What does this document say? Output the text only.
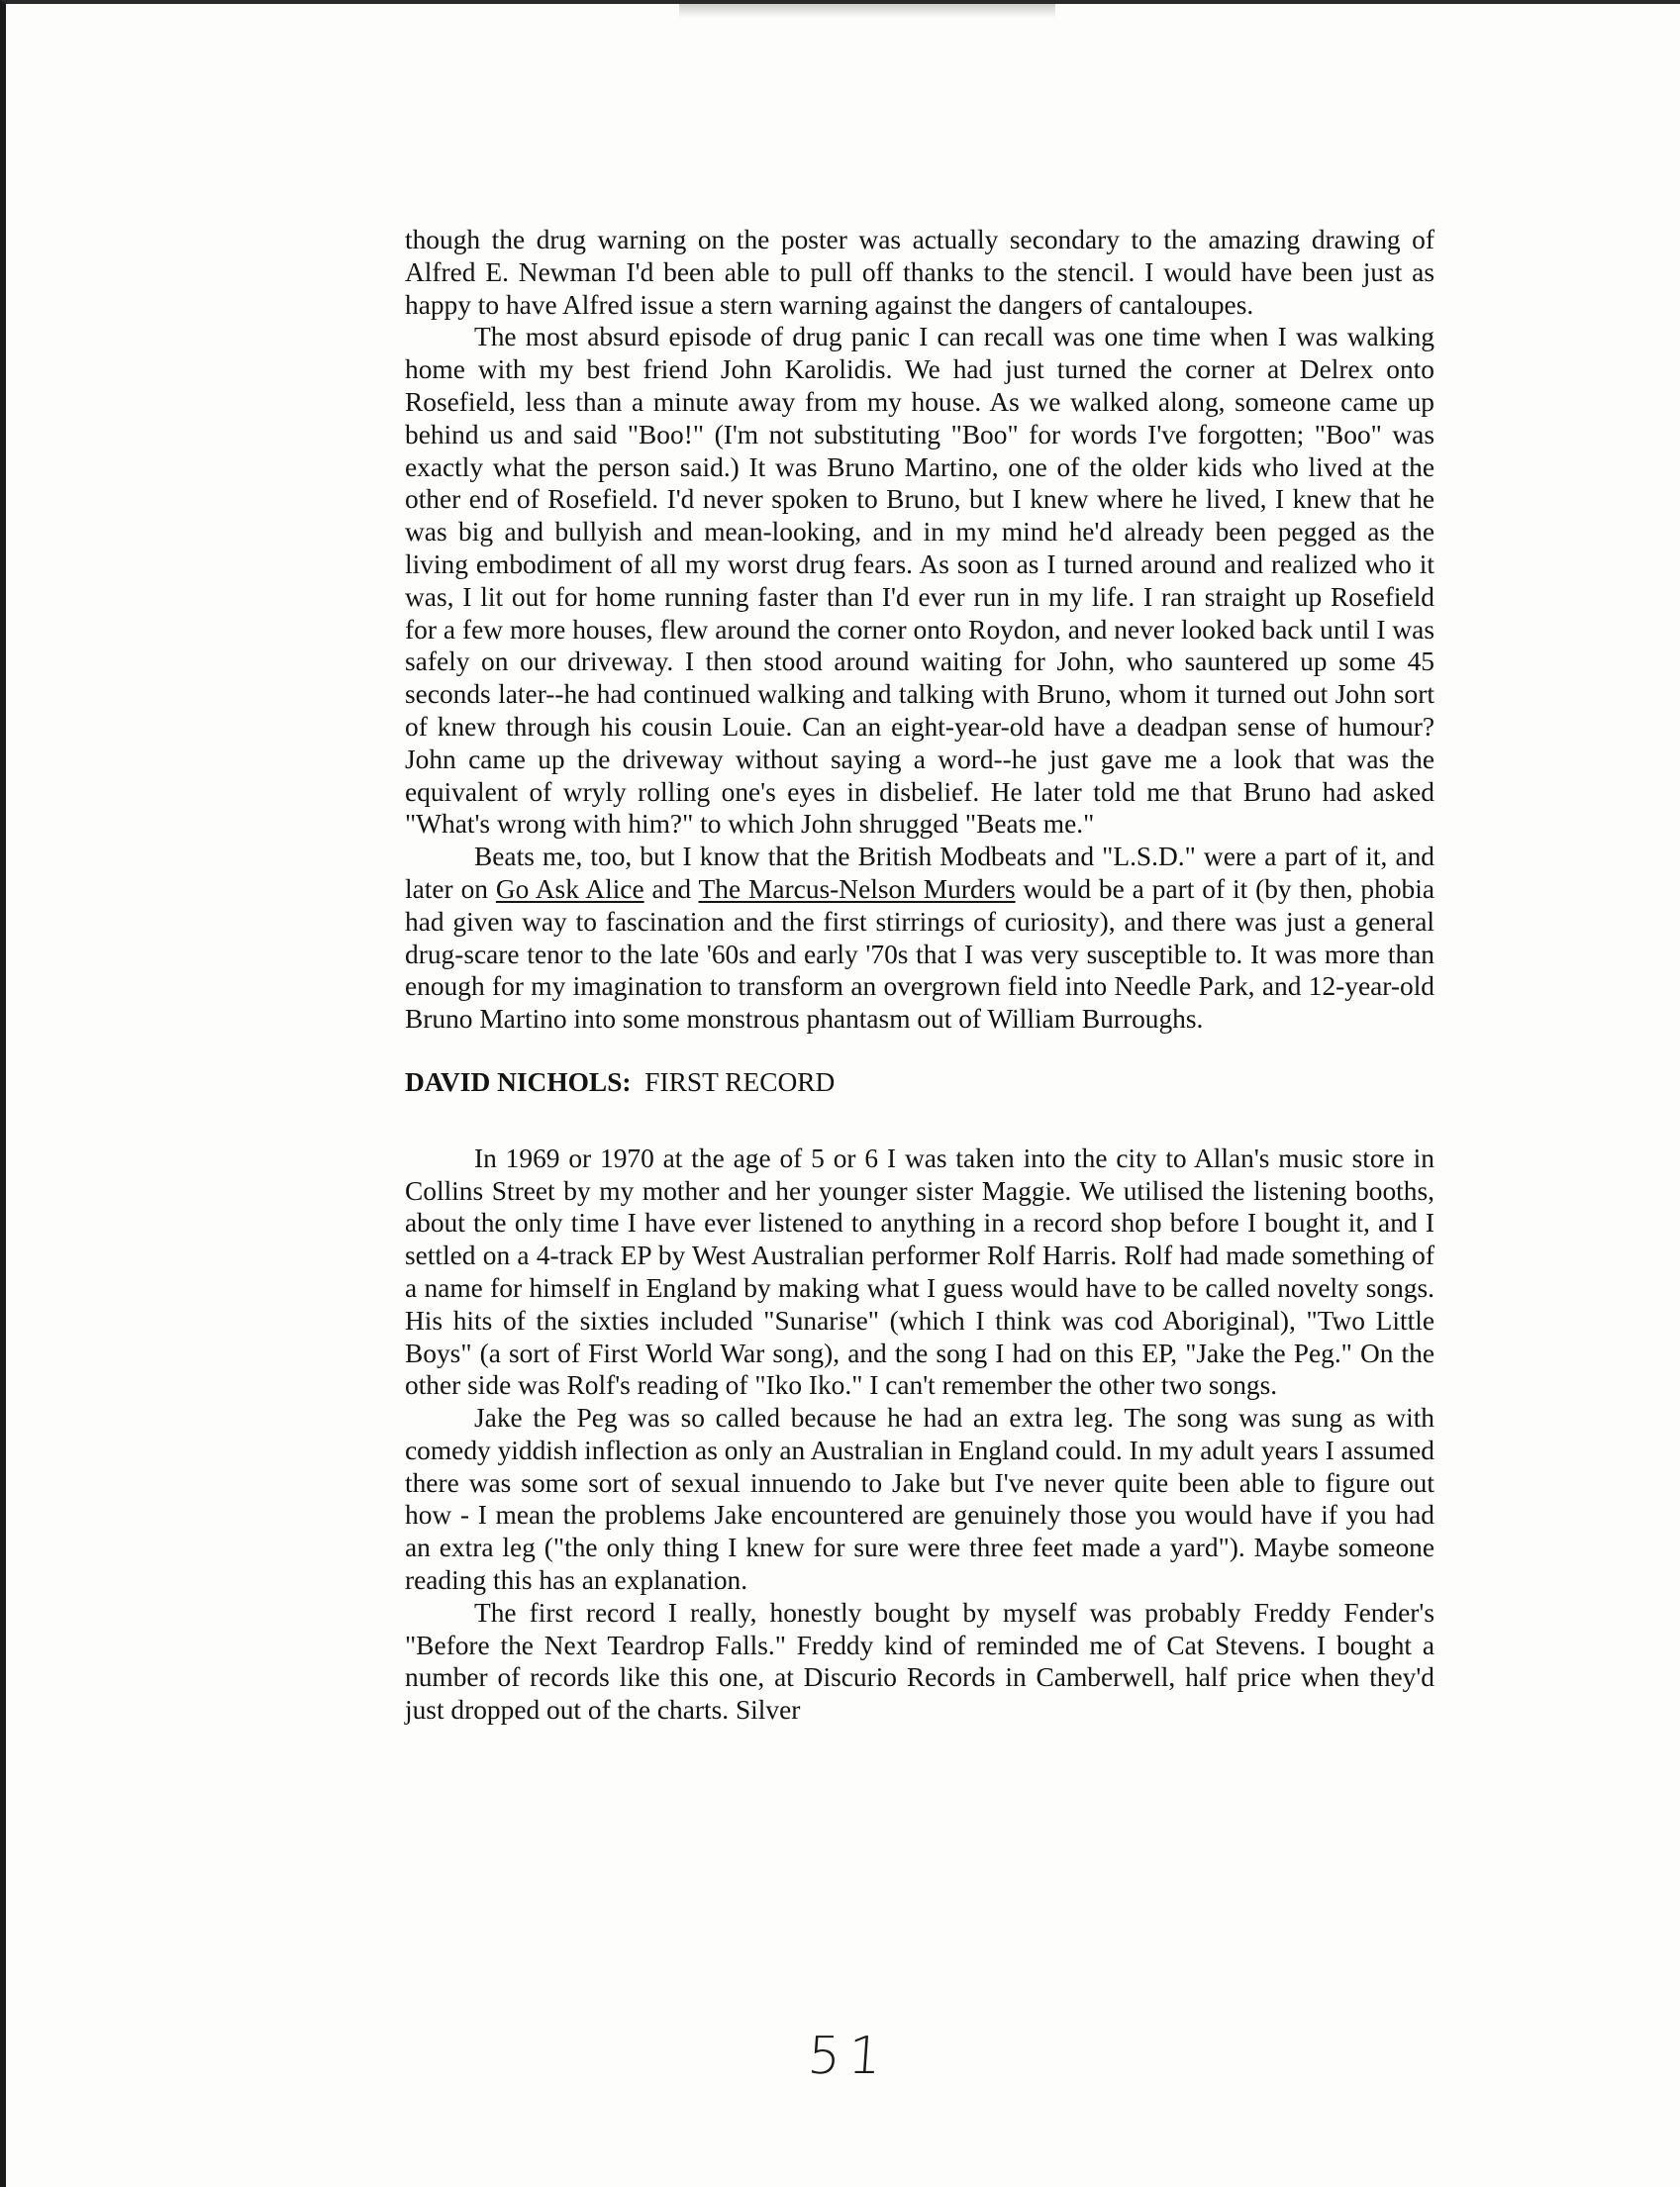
though the drug warning on the poster was actually secondary to the amazing drawing of Alfred E. Newman I'd been able to pull off thanks to the stencil. I would have been just as happy to have Alfred issue a stern warning against the dangers of cantaloupes.

The most absurd episode of drug panic I can recall was one time when I was walking home with my best friend John Karolidis. We had just turned the corner at Delrex onto Rosefield, less than a minute away from my house. As we walked along, someone came up behind us and said "Boo!" (I'm not substituting "Boo" for words I've forgotten; "Boo" was exactly what the person said.) It was Bruno Martino, one of the older kids who lived at the other end of Rosefield. I'd never spoken to Bruno, but I knew where he lived, I knew that he was big and bullyish and mean-looking, and in my mind he'd already been pegged as the living embodiment of all my worst drug fears. As soon as I turned around and realized who it was, I lit out for home running faster than I'd ever run in my life. I ran straight up Rosefield for a few more houses, flew around the corner onto Roydon, and never looked back until I was safely on our driveway. I then stood around waiting for John, who sauntered up some 45 seconds later--he had continued walking and talking with Bruno, whom it turned out John sort of knew through his cousin Louie. Can an eight-year-old have a deadpan sense of humour? John came up the driveway without saying a word--he just gave me a look that was the equivalent of wryly rolling one's eyes in disbelief. He later told me that Bruno had asked "What's wrong with him?" to which John shrugged "Beats me."

Beats me, too, but I know that the British Modbeats and "L.S.D." were a part of it, and later on Go Ask Alice and The Marcus-Nelson Murders would be a part of it (by then, phobia had given way to fascination and the first stirrings of curiosity), and there was just a general drug-scare tenor to the late '60s and early '70s that I was very susceptible to. It was more than enough for my imagination to transform an overgrown field into Needle Park, and 12-year-old Bruno Martino into some monstrous phantasm out of William Burroughs.

DAVID NICHOLS: FIRST RECORD

In 1969 or 1970 at the age of 5 or 6 I was taken into the city to Allan's music store in Collins Street by my mother and her younger sister Maggie. We utilised the listening booths, about the only time I have ever listened to anything in a record shop before I bought it, and I settled on a 4-track EP by West Australian performer Rolf Harris. Rolf had made something of a name for himself in England by making what I guess would have to be called novelty songs. His hits of the sixties included "Sunarise" (which I think was cod Aboriginal), "Two Little Boys" (a sort of First World War song), and the song I had on this EP, "Jake the Peg." On the other side was Rolf's reading of "Iko Iko." I can't remember the other two songs.

Jake the Peg was so called because he had an extra leg. The song was sung as with comedy yiddish inflection as only an Australian in England could. In my adult years I assumed there was some sort of sexual innuendo to Jake but I've never quite been able to figure out how - I mean the problems Jake encountered are genuinely those you would have if you had an extra leg ("the only thing I knew for sure were three feet made a yard"). Maybe someone reading this has an explanation.

The first record I really, honestly bought by myself was probably Freddy Fender's "Before the Next Teardrop Falls." Freddy kind of reminded me of Cat Stevens. I bought a number of records like this one, at Discurio Records in Camberwell, half price when they'd just dropped out of the charts. Silver

51
